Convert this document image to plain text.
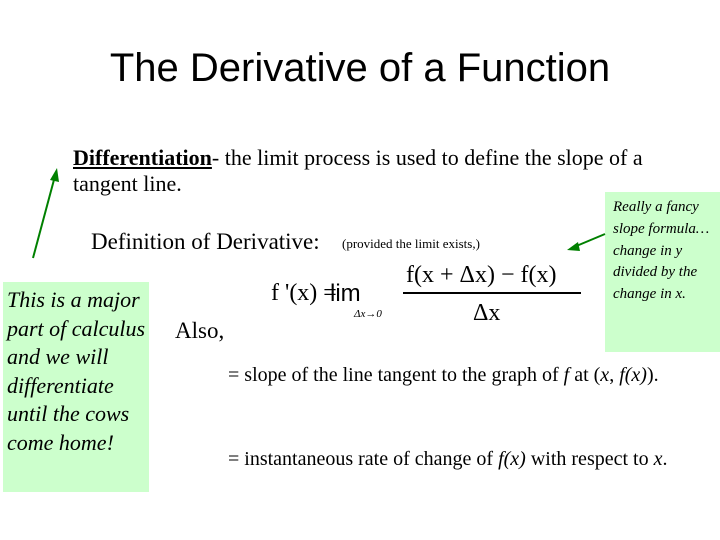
The Derivative of a Function
Differentiation- the limit process is used to define the slope of a tangent line.
Definition of Derivative: (provided the limit exists,)
This is a major part of calculus and we will differentiate until the cows come home!
Really a fancy slope formula… change in y divided by the change in x.
f '(x) =
lim
Δx→0
f(x + Δx) − f(x)
Δx
Also,
= slope of the line tangent to the graph of f at (x, f(x)).
= instantaneous rate of change of f(x) with respect to x.
